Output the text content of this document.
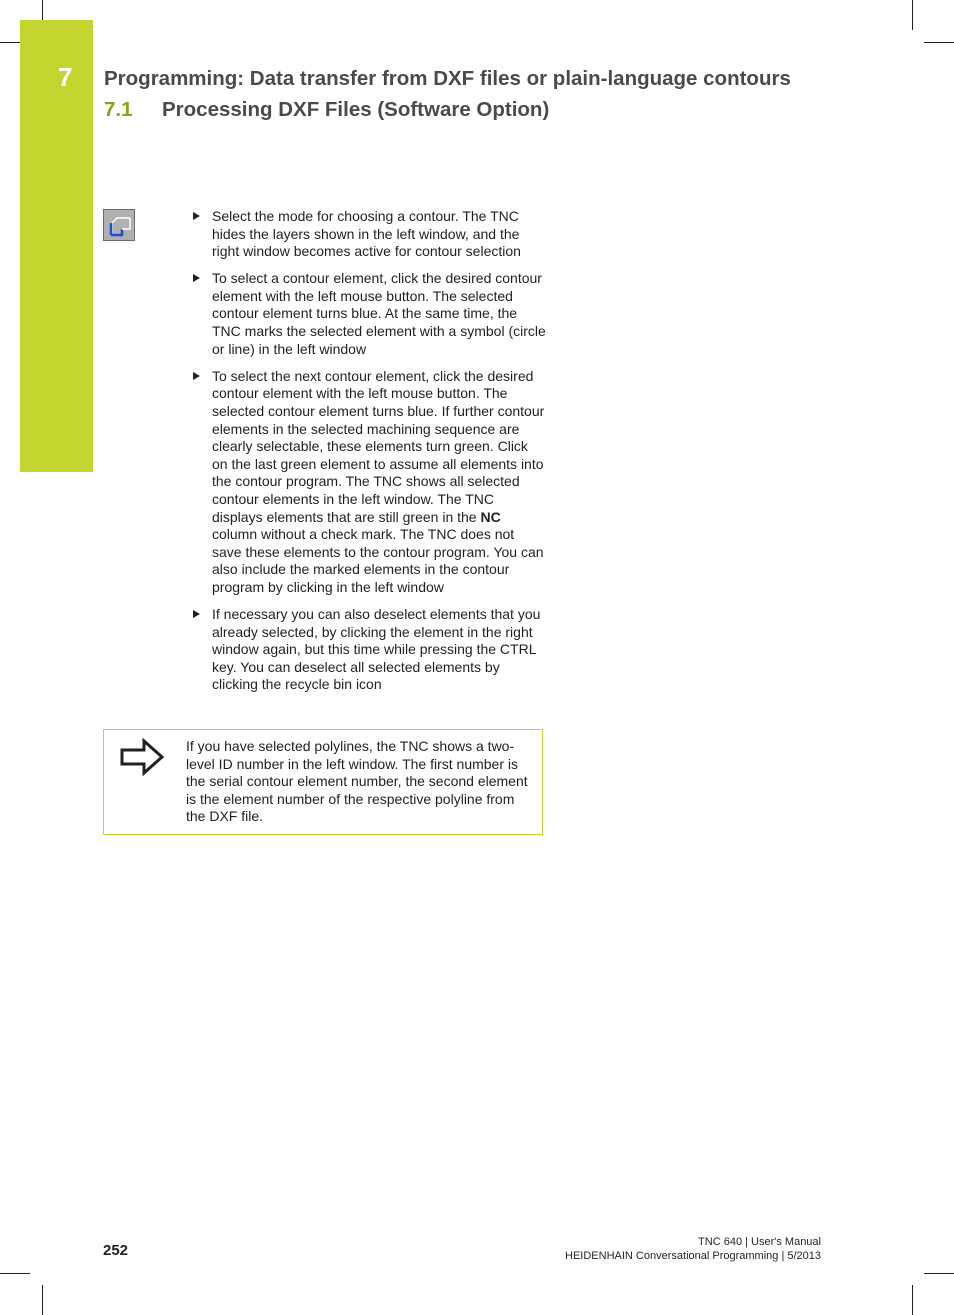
7 Programming: Data transfer from DXF files or plain-language contours
7.1 Processing DXF Files (Software Option)
Select the mode for choosing a contour. The TNC hides the layers shown in the left window, and the right window becomes active for contour selection
To select a contour element, click the desired contour element with the left mouse button. The selected contour element turns blue. At the same time, the TNC marks the selected element with a symbol (circle or line) in the left window
To select the next contour element, click the desired contour element with the left mouse button. The selected contour element turns blue. If further contour elements in the selected machining sequence are clearly selectable, these elements turn green. Click on the last green element to assume all elements into the contour program. The TNC shows all selected contour elements in the left window. The TNC displays elements that are still green in the NC column without a check mark. The TNC does not save these elements to the contour program. You can also include the marked elements in the contour program by clicking in the left window
If necessary you can also deselect elements that you already selected, by clicking the element in the right window again, but this time while pressing the CTRL key. You can deselect all selected elements by clicking the recycle bin icon
If you have selected polylines, the TNC shows a two-level ID number in the left window. The first number is the serial contour element number, the second element is the element number of the respective polyline from the DXF file.
252	TNC 640 | User's Manual
HEIDENHAIN Conversational Programming | 5/2013
